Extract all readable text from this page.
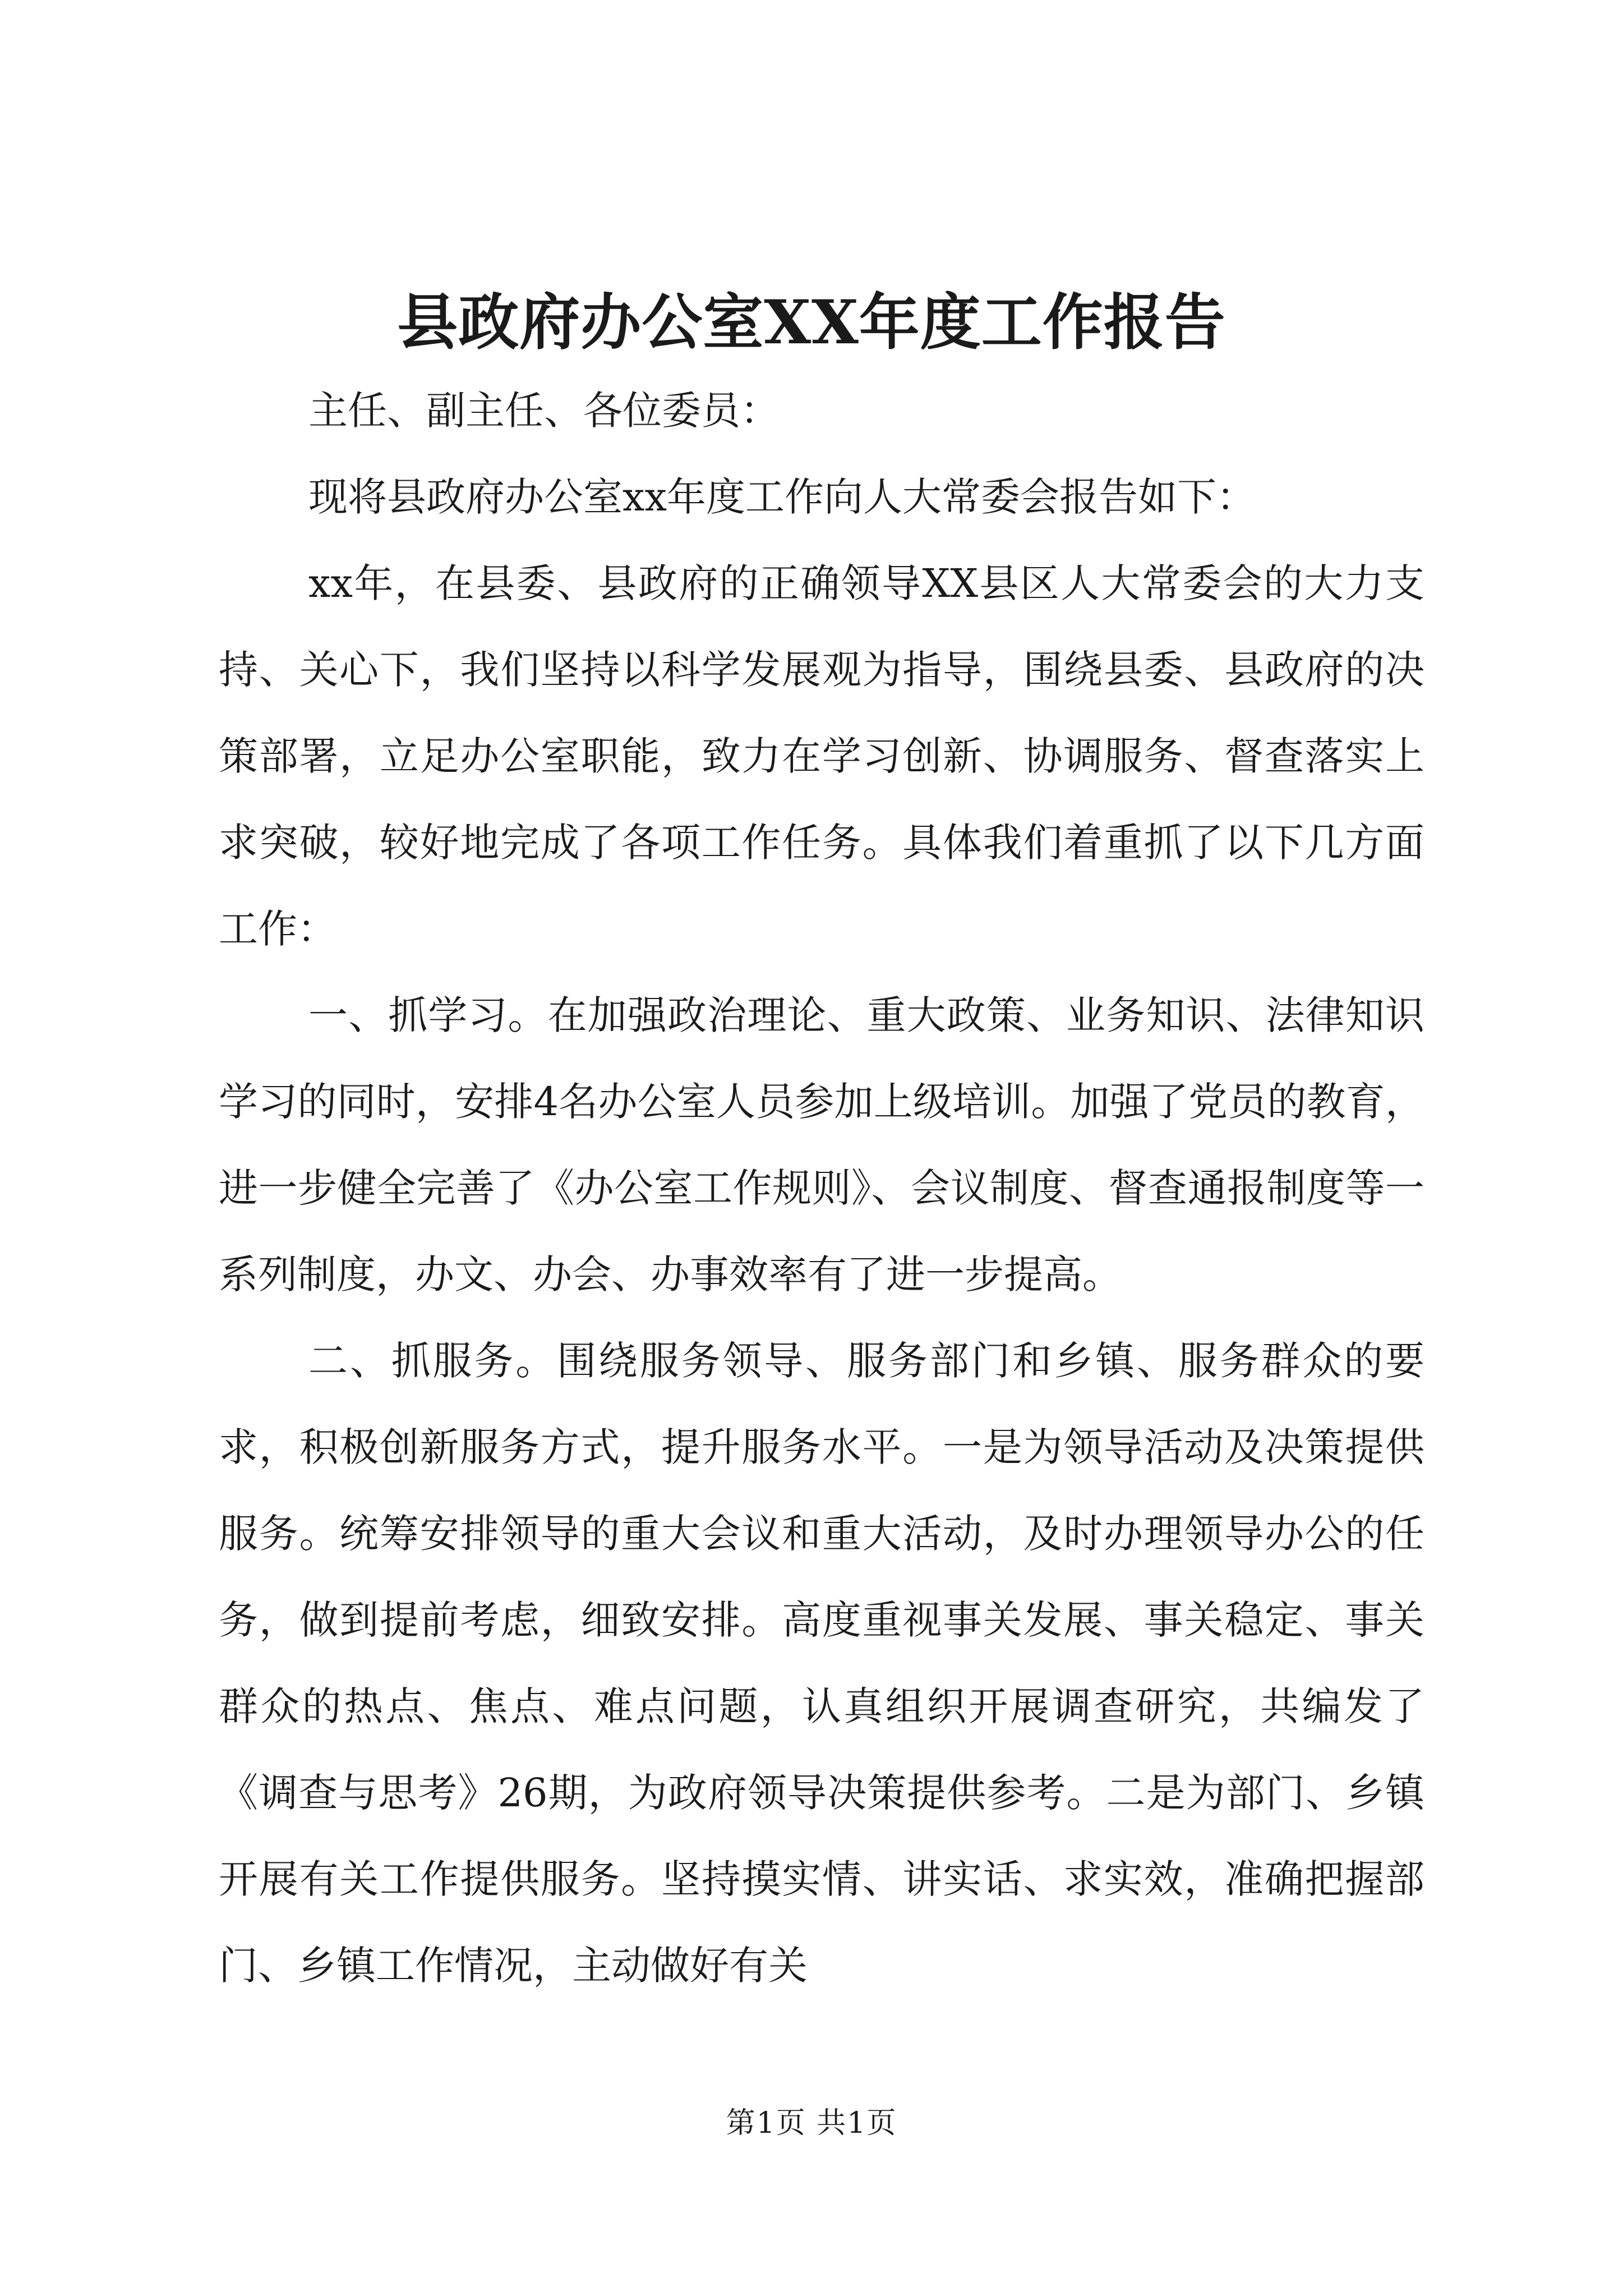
县政府办公室XX年度工作报告

主任、副主任、各位委员：

现将县政府办公室xx年度工作向人大常委会报告如下：

xx年，在县委、县政府的正确领导XX县区人大常委会的大力支持、关心下，我们坚持以科学发展观为指导，围绕县委、县政府的决策部署，立足办公室职能，致力在学习创新、协调服务、督查落实上求突破，较好地完成了各项工作任务。具体我们着重抓了以下几方面工作：

一、抓学习。在加强政治理论、重大政策、业务知识、法律知识学习的同时，安排4名办公室人员参加上级培训。加强了党员的教育，进一步健全完善了《办公室工作规则》、会议制度、督查通报制度等一系列制度，办文、办会、办事效率有了进一步提高。

二、抓服务。围绕服务领导、服务部门和乡镇、服务群众的要求，积极创新服务方式，提升服务水平。一是为领导活动及决策提供服务。统筹安排领导的重大会议和重大活动，及时办理领导办公的任务，做到提前考虑，细致安排。高度重视事关发展、事关稳定、事关群众的热点、焦点、难点问题，认真组织开展调查研究，共编发了《调查与思考》26期，为政府领导决策提供参考。二是为部门、乡镇开展有关工作提供服务。坚持摸实情、讲实话、求实效，准确把握部门、乡镇工作情况，主动做好有关

第1页 共1页
